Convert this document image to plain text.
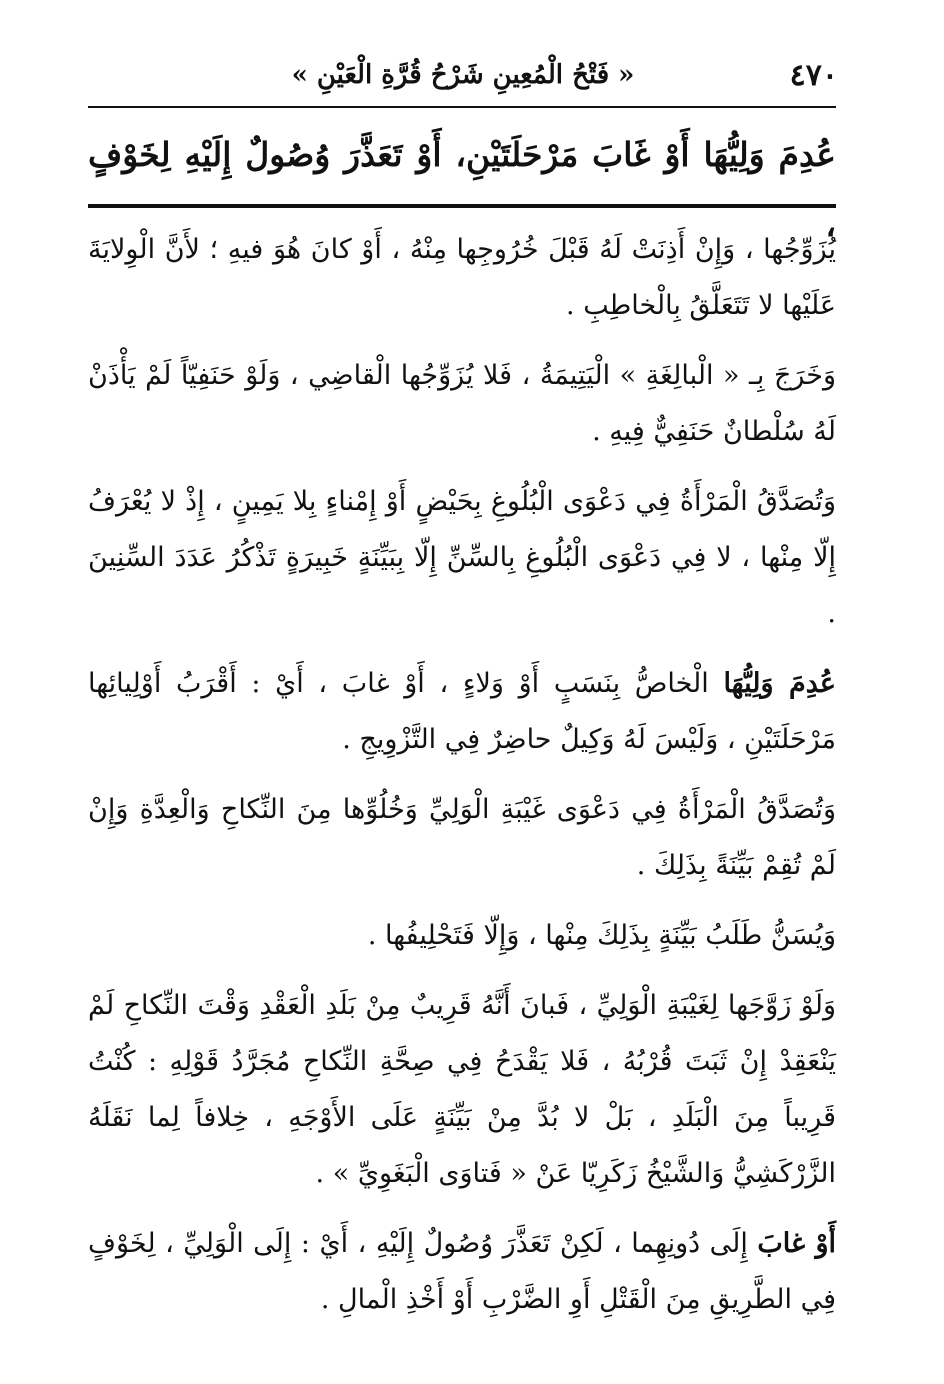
٤٧٠
« فَتْحُ الْمُعِينِ شَرْحُ قُرَّةِ الْعَيْنِ »
عُدِمَ وَلِيُّهَا أَوْ غَابَ مَرْحَلَتَيْنِ، أَوْ تَعَذَّرَ وُصُولٌ إِلَيْهِ لِخَوْفٍ ،

يُزَوِّجُها ، وَإِنْ أَذِنَتْ لَهُ قَبْلَ خُرُوجِها مِنْهُ ، أَوْ كانَ هُوَ فيهِ ؛ لأَنَّ الْوِلايَةَ عَلَيْها لا تَتَعَلَّقُ بِالْخاطِبِ .

وَخَرَجَ بِـ « الْبالِغَةِ » الْيَتِيمَةُ ، فَلا يُزَوِّجُها الْقاضِي ، وَلَوْ حَنَفِيّاً لَمْ يَأْذَنْ لَهُ سُلْطانٌ حَنَفِيٌّ فِيهِ .

وَتُصَدَّقُ الْمَرْأَةُ فِي دَعْوَى الْبُلُوغِ بِحَيْضٍ أَوْ إِمْناءٍ بِلا يَمِينٍ ، إِذْ لا يُعْرَفُ إِلّا مِنْها ، لا فِي دَعْوَى الْبُلُوغِ بِالسِّنِّ إِلّا بِبَيِّنَةٍ خَبِيرَةٍ تَذْكُرُ عَدَدَ السِّنِينَ .

عُدِمَ وَلِيُّهَا الْخاصُّ بِنَسَبٍ أَوْ وَلاءٍ ، أَوْ غابَ ، أَيْ : أَقْرَبُ أَوْلِيائِها مَرْحَلَتَيْنِ ، وَلَيْسَ لَهُ وَكِيلٌ حاضِرٌ فِي التَّزْوِيجِ .

وَتُصَدَّقُ الْمَرْأَةُ فِي دَعْوَى غَيْبَةِ الْوَلِيِّ وَخُلُوِّها مِنَ النِّكاحِ وَالْعِدَّةِ وَإِنْ لَمْ تُقِمْ بَيِّنَةً بِذَلِكَ .

وَيُسَنُّ طَلَبُ بَيِّنَةٍ بِذَلِكَ مِنْها ، وَإِلّا فَتَحْلِيفُها .

وَلَوْ زَوَّجَها لِغَيْبَةِ الْوَلِيِّ ، فَبانَ أَنَّهُ قَرِيبٌ مِنْ بَلَدِ الْعَقْدِ وَقْتَ النِّكاحِ لَمْ يَنْعَقِدْ إِنْ ثَبَتَ قُرْبُهُ ، فَلا يَقْدَحُ فِي صِحَّةِ النِّكاحِ مُجَرَّدُ قَوْلِهِ : كُنْتُ قَرِيباً مِنَ الْبَلَدِ ، بَلْ لا بُدَّ مِنْ بَيِّنَةٍ عَلَى الأَوْجَهِ ، خِلافاً لِما نَقَلَهُ الزَّرْكَشِيُّ وَالشَّيْخُ زَكَرِيّا عَنْ « فَتاوَى الْبَغَوِيِّ » .

أَوْ غابَ إِلَى دُونِهِما ، لَكِنْ تَعَذَّرَ وُصُولٌ إِلَيْهِ ، أَيْ : إِلَى الْوَلِيِّ ، لِخَوْفٍ فِي الطَّرِيقِ مِنَ الْقَتْلِ أَوِ الضَّرْبِ أَوْ أَخْذِ الْمالِ .
